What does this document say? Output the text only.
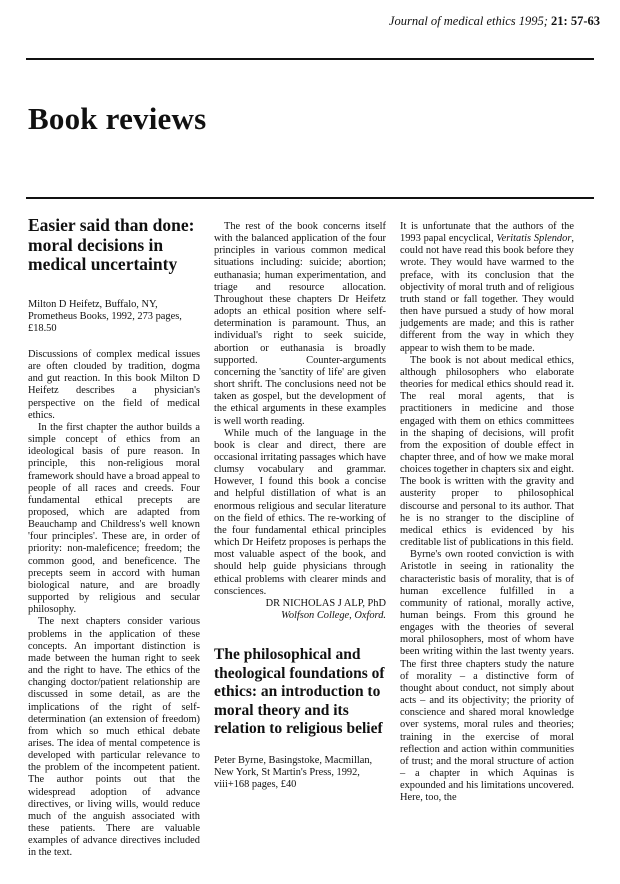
Journal of medical ethics 1995; 21: 57-63
Book reviews
Easier said than done: moral decisions in medical uncertainty
Milton D Heifetz, Buffalo, NY,
Prometheus Books, 1992, 273 pages,
£18.50

Discussions of complex medical issues are often clouded by tradition, dogma and gut reaction. In this book Milton D Heifetz describes a physician's perspective on the field of medical ethics.

In the first chapter the author builds a simple concept of ethics from an ideological basis of pure reason. In principle, this non-religious moral framework should have a broad appeal to people of all races and creeds. Four fundamental ethical precepts are proposed, which are adapted from Beauchamp and Childress's well known 'four principles'. These are, in order of priority: non-maleficence; freedom; the common good, and beneficence. The precepts seem in accord with human biological nature, and are broadly supported by religious and secular philosophy.

The next chapters consider various problems in the application of these concepts. An important distinction is made between the human right to seek and the right to have. The ethics of the changing doctor/patient relationship are discussed in some detail, as are the implications of the right of self-determination (an extension of freedom) from which so much ethical debate arises. The idea of mental competence is developed with particular relevance to the problem of the incompetent patient. The author points out that the widespread adoption of advance directives, or living wills, would reduce much of the anguish associated with these patients. There are valuable examples of advance directives included in the text.

The rest of the book concerns itself with the balanced application of the four principles in various common medical situations including: suicide; abortion; euthanasia; human experimentation, and triage and resource allocation. Throughout these chapters Dr Heifetz adopts an ethical position where self-determination is paramount. Thus, an individual's right to seek suicide, abortion or euthanasia is broadly supported. Counter-arguments concerning the 'sanctity of life' are given short shrift. The conclusions need not be taken as gospel, but the development of the ethical arguments in these examples is well worth reading.

While much of the language in the book is clear and direct, there are occasional irritating passages which have clumsy vocabulary and grammar. However, I found this book a concise and helpful distillation of what is an enormous religious and secular literature on the field of ethics. The re-working of the four fundamental ethical principles which Dr Heifetz proposes is perhaps the most valuable aspect of the book, and should help guide physicians through ethical problems with clearer minds and consciences.

DR NICHOLAS J ALP, PhD

Wolfson College, Oxford.

The philosophical and theological foundations of ethics: an introduction to moral theory and its relation to religious belief
Peter Byrne, Basingstoke, Macmillan,
New York, St Martin's Press, 1992,
viii+168 pages, £40

It is unfortunate that the authors of the 1993 papal encyclical, Veritatis Splendor, could not have read this book before they wrote. They would have warmed to the preface, with its conclusion that the objectivity of moral truth and of religious truth stand or fall together. They would then have pursued a study of how moral judgements are made; and this is rather different from the way in which they appear to wish them to be made.

The book is not about medical ethics, although philosophers who elaborate theories for medical ethics should read it. The real moral agents, that is practitioners in medicine and those engaged with them on ethics committees in the shaping of decisions, will profit from the exposition of double effect in chapter three, and of how we make moral choices together in chapters six and eight. The book is written with the gravity and austerity proper to philosophical discourse and personal to its author. That he is no stranger to the discipline of medical ethics is evidenced by his creditable list of publications in this field.

Byrne's own rooted conviction is with Aristotle in seeing in rationality the characteristic basis of morality, that is of human excellence fulfilled in a community of rational, morally active, human beings. From this ground he engages with the theories of several moral philosophers, most of whom have been writing within the last twenty years. The first three chapters study the nature of morality – a distinctive form of thought about conduct, not simply about acts – and its objectivity; the priority of conscience and shared moral knowledge over systems, moral rules and theories; training in the exercise of moral reflection and action within communities of trust; and the moral structure of action – a chapter in which Aquinas is expounded and his limitations uncovered. Here, too, the
